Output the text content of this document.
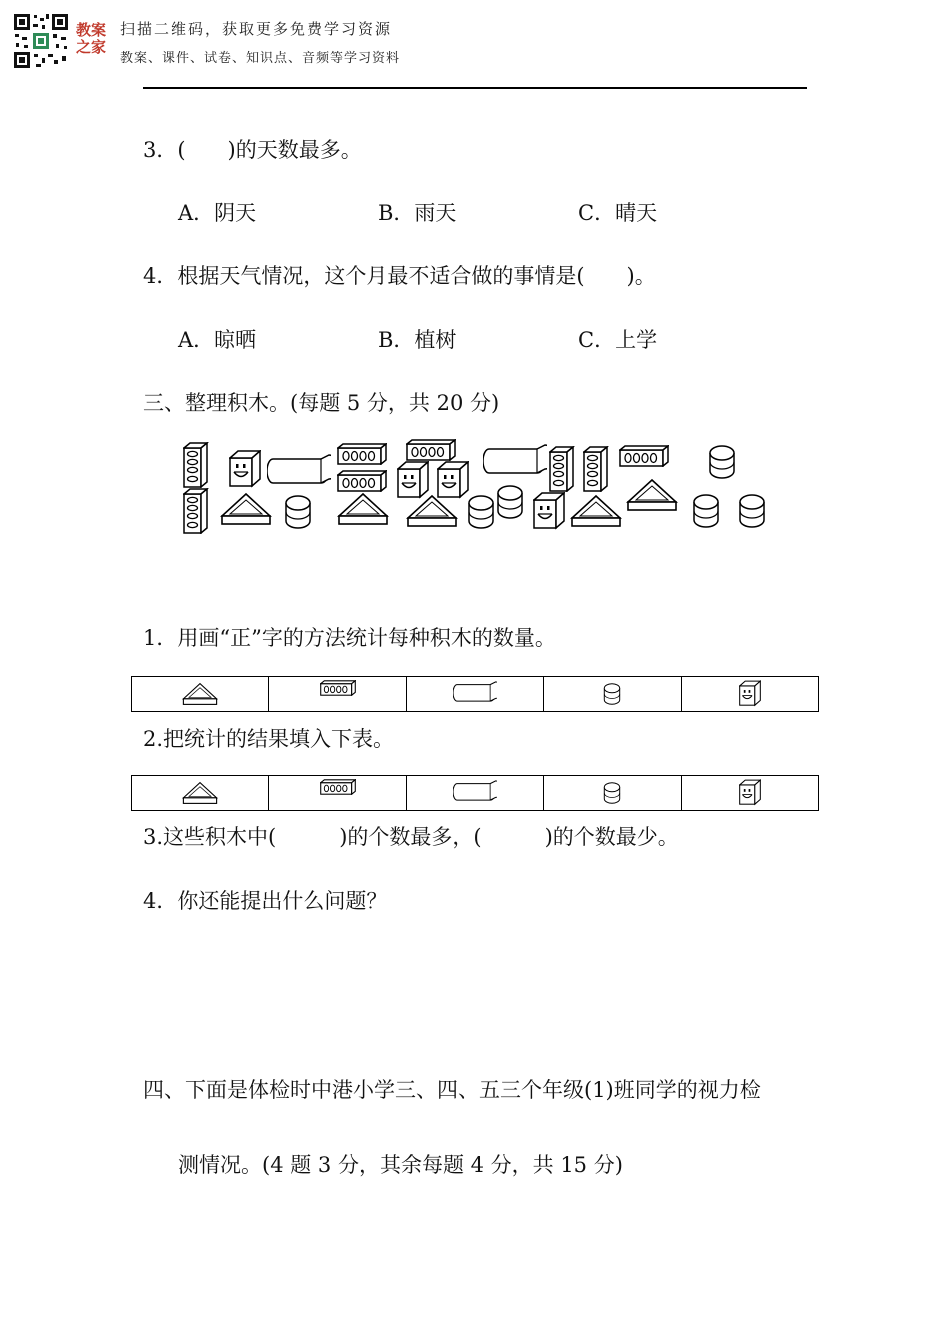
教案
之家
扫描二维码，获取更多免费学习资源
教案、课件、试卷、知识点、音频等学习资料
3．(　　)的天数最多。
A．阴天	B．雨天	C．晴天
4．根据天气情况，这个月最不适合做的事情是(　　)。
A．晾晒	B．植树	C．上学
三、整理积木。(每题 5 分，共 20 分)
1．用画“正”字的方法统计每种积木的数量。

2.把统计的结果填入下表。

3.这些积木中(　　　)的个数最多，(　　　)的个数最少。
4．你还能提出什么问题？
四、下面是体检时中港小学三、四、五三个年级(1)班同学的视力检
测情况。(4 题 3 分，其余每题 4 分，共 15 分)
